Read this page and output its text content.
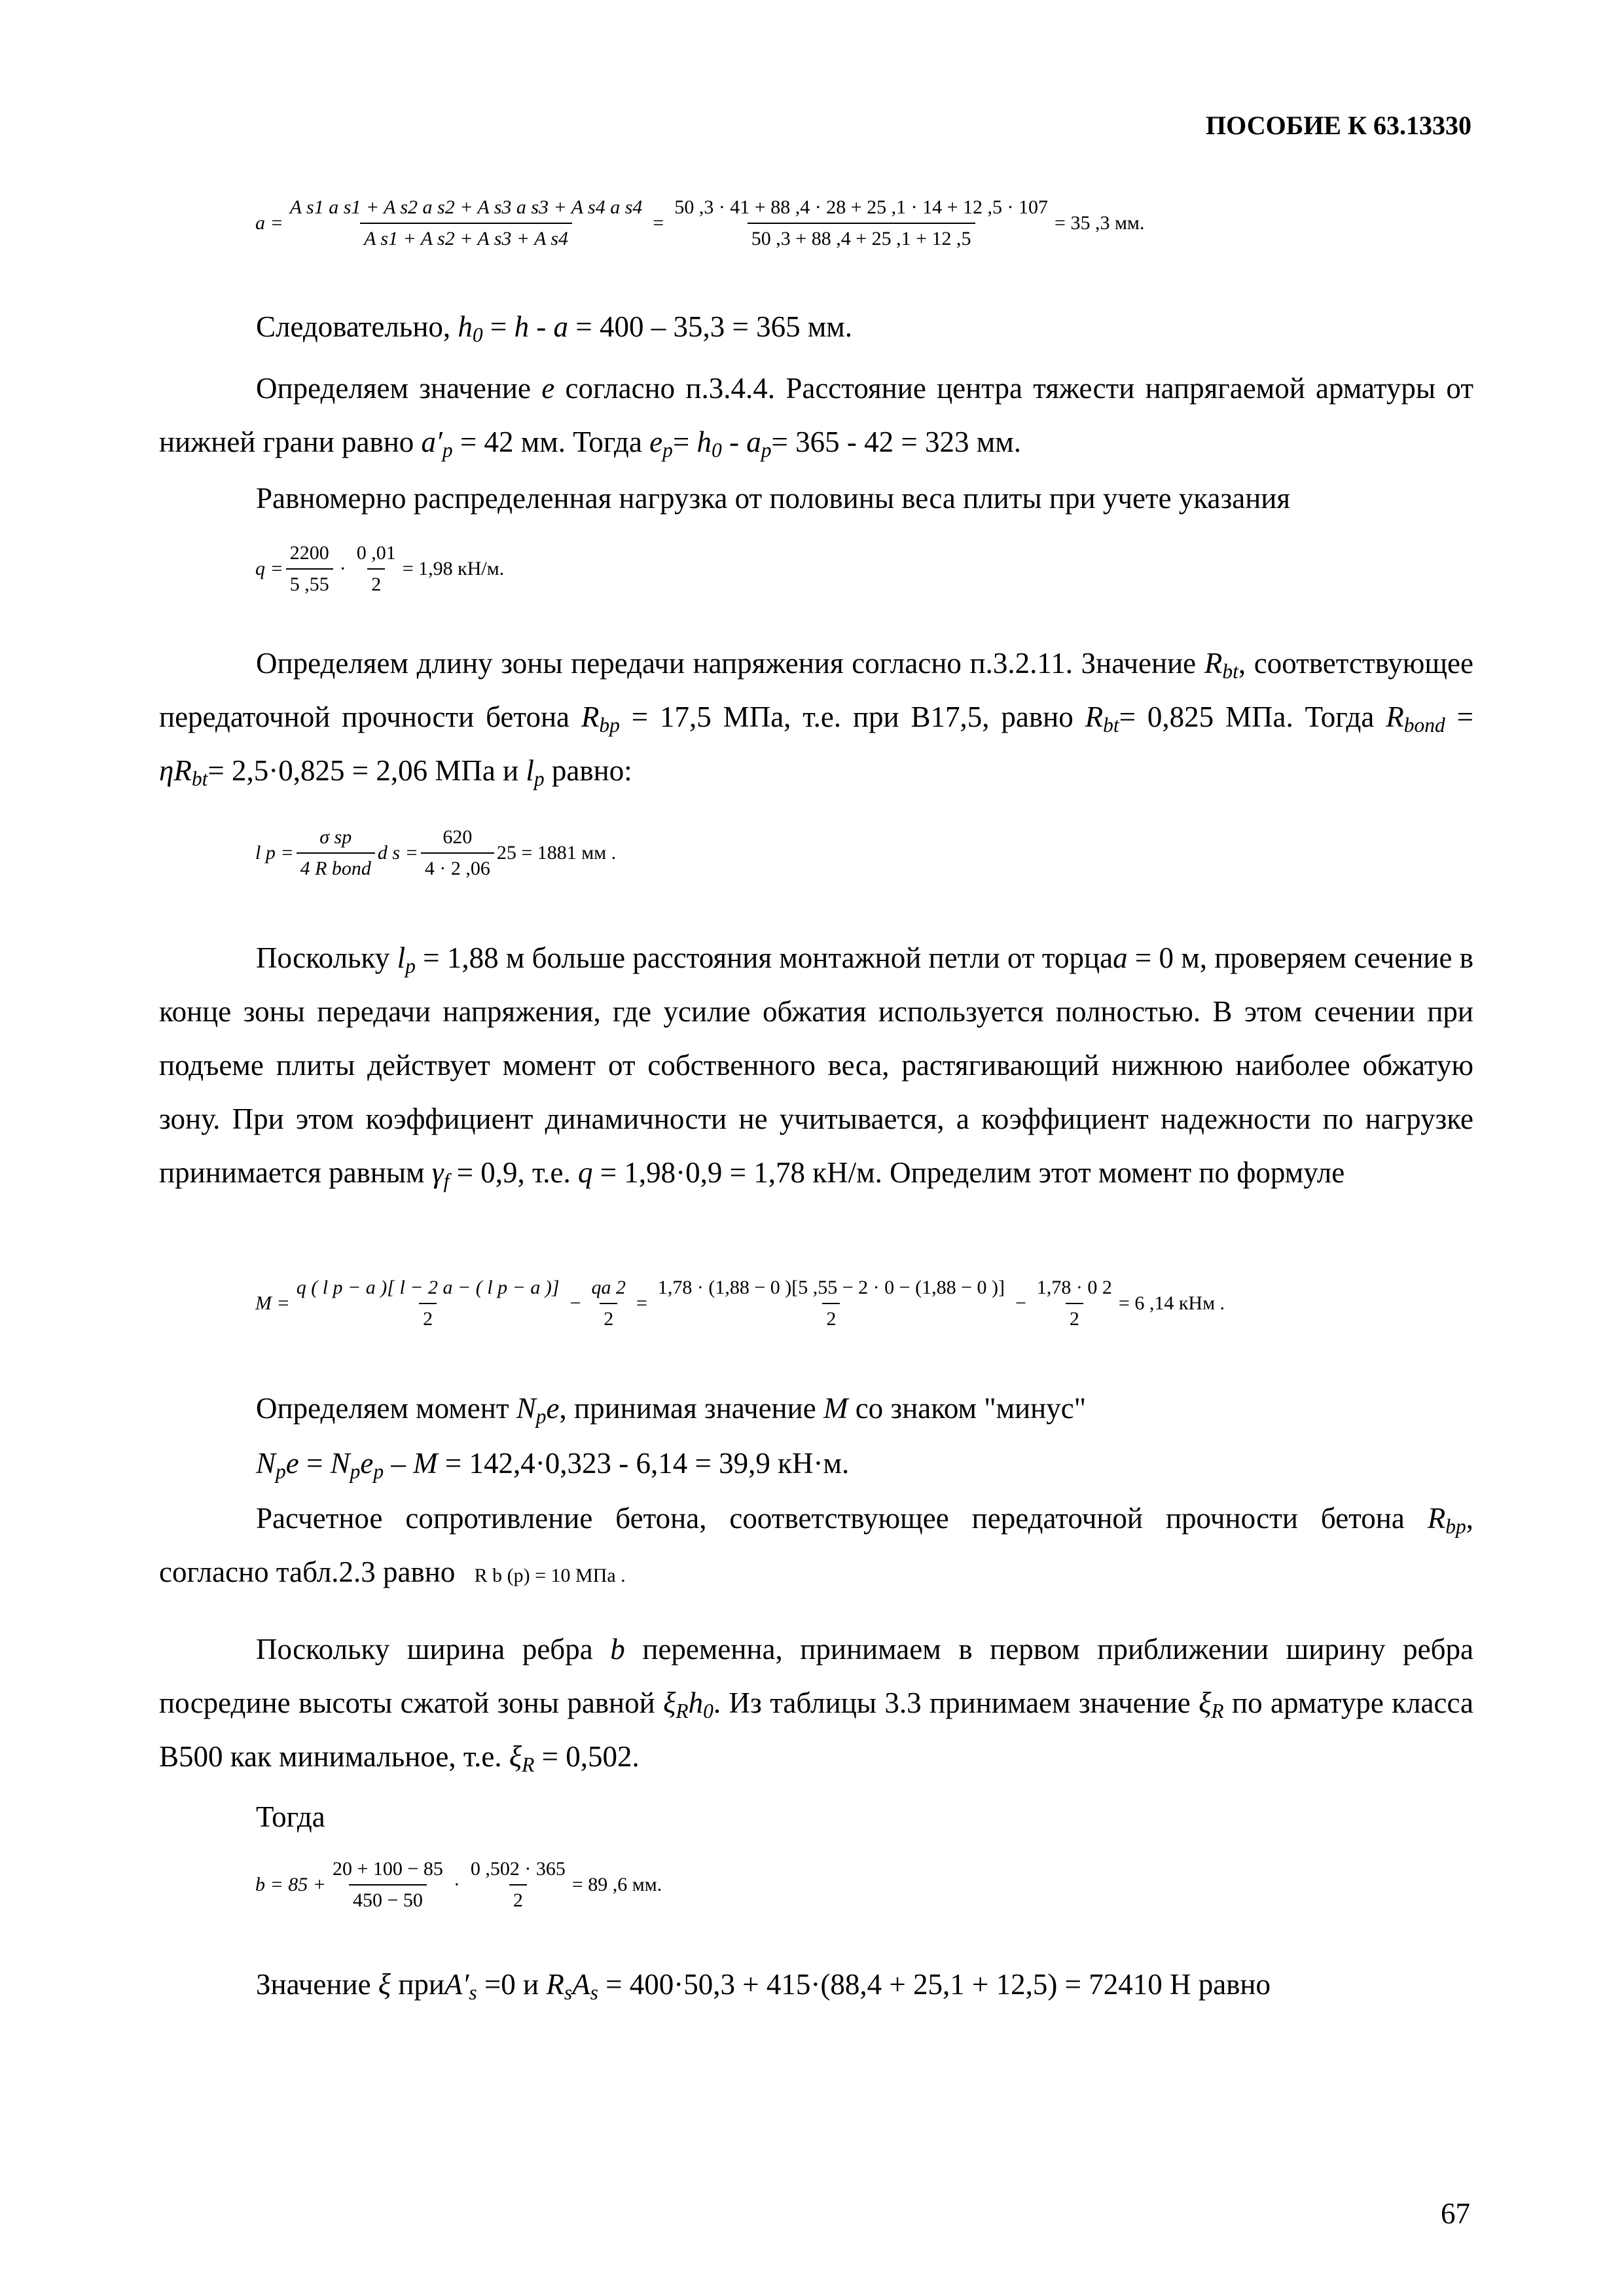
ПОСОБИЕ К 63.13330
$a = \frac{\text{A s1 a s1 + A s2 a s2 + A s3 a s3 + A s4 a s4}}{\text{A s1 + A s2 + A s3 + A s4}} = \frac{50 ,3 \cdot 41 + 88 ,4 \cdot 28 + 25 ,1 \cdot 14 + 12 ,5 \cdot 107}{50 ,3 + 88 ,4 + 25 ,1 + 12 ,5} = 35$ ,3 мм.
Следовательно, $h_0 = h - a = 400 - 35,3 = 365$ мм.
Определяем значение e согласно п.3.4.4. Расстояние центра тяжести напрягаемой арматуры от нижней грани равно $a'_p = 42$ мм. Тогда $e_p= h_0 - a_p= 365 - 42 = 323$ мм.
Равномерно распределенная нагрузка от половины веса плиты при учете указания
$q = \frac{2200}{5 ,55} \cdot \frac{0 ,01}{2} = 1,98$ кН/м.
Определяем длину зоны передачи напряжения согласно п.3.2.11. Значение $R_{bt}$, соответствующее передаточной прочности бетона $R_{bp} = 17,5$ МПа, т.е. при В17,5, равно $R_{bt}= 0,825$ МПа. Тогда $R_{bond} = \eta R_{bt}= 2,5\cdot 0,825 = 2,06$ МПа и $l_p$ равно:
l $p = \frac{\text{σ sp}}{\text{4 R bond}}$ d $s = \frac{620}{4 \cdot 2 ,06} 25 = 1881$ мм .
Поскольку $l_p = 1,88$ м больше расстояния монтажной петли от торцаa = 0 м, проверяем сечение в конце зоны передачи напряжения, где усилие обжатия используется полностью. В этом сечении при подъеме плиты действует момент от собственного веса, растягивающий нижнюю наиболее обжатую зону. При этом коэффициент динамичности не учитывается, а коэффициент надежности по нагрузке принимается равным $\gamma_f = 0,9$, т.е. q = 1,98·0,9 = 1,78 кН/м. Определим этот момент по формуле
$M = \frac{\text{q ( l p − a )[ l − 2 a − ( l p − a )]}}{2} - \frac{qa 2}{2} = \frac{1,78 \cdot (1,88 - 0 )[5 ,55 - 2 \cdot 0 - (1,88 - 0 )]}{2} - \frac{1,78 \cdot 0 2}{2} = 6$ ,14 кНм .
Определяем момент $N_pe$, принимая значение M со знаком "минус"
$N_pe = N_pe_p - M = 142,4\cdot 0,323 - 6,14 = 39,9$ кН·м.
Расчетное сопротивление бетона, соответствующее передаточной прочности бетона $R_{bp}$, согласно табл.2.3 равно R b (p) = 10 МПа .
Поскольку ширина ребра b переменна, принимаем в первом приближении ширину ребра посредине высоты сжатой зоны равной $\xi_Rh_0$. Из таблицы 3.3 принимаем значение $\xi_R$ по арматуре класса В500 как минимальное, т.е. $\xi_R = 0,502$.
Тогда
$b = 85 + \frac{20 + 100 - 85}{450 - 50} \cdot \frac{0 ,502 \cdot 365}{2} = 89$ ,6 мм.
Значение ξ $приA'_s =0$ и $R_sA_s = 400\cdot 50,3 + 415\cdot(88,4 + 25,1 + 12,5) = 72410$ Н равно
67
